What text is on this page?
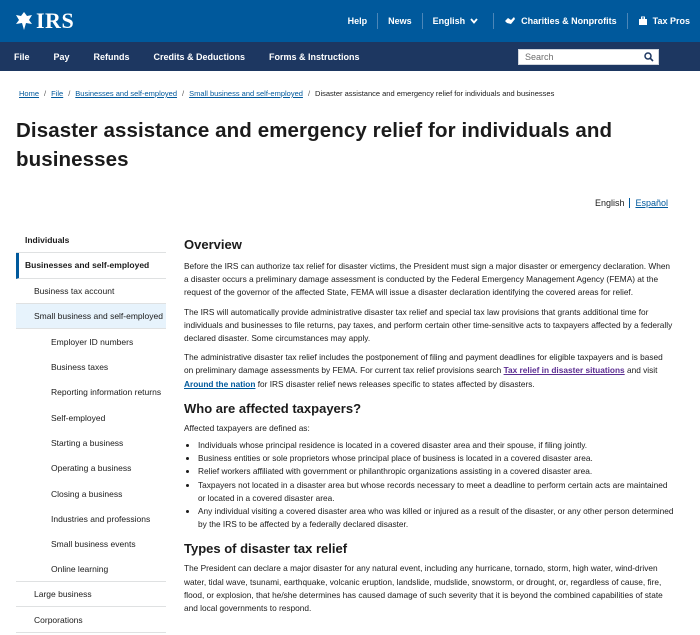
IRS	Help News English	Charities & Nonprofits	Tax Pros
File	Pay	Refunds	Credits & Deductions	Forms & Instructions
Search
Home / File / Businesses and self-employed / Small business and self-employed / Disaster assistance and emergency relief for individuals and businesses
Disaster assistance and emergency relief for individuals and businesses
English	Español
Individuals
Businesses and self-employed
Business tax account
Small business and self-employed
Employer ID numbers
Business taxes
Reporting information returns
Self-employed
Starting a business
Operating a business
Closing a business
Industries and professions
Small business events
Online learning
Large business
Corporations
Overview

Before the IRS can authorize tax relief for disaster victims, the President must sign a major disaster or emergency declaration. When a disaster occurs a preliminary damage assessment is conducted by the Federal Emergency Management Agency (FEMA) at the request of the governor of the affected State, FEMA will issue a disaster declaration identifying the covered areas for relief.

The IRS will automatically provide administrative disaster tax relief and special tax law provisions that grants additional time for individuals and businesses to file returns, pay taxes, and perform certain other time-sensitive acts to taxpayers affected by a federally declared disaster. Some circumstances may apply.

The administrative disaster tax relief includes the postponement of filing and payment deadlines for eligible taxpayers and is based on preliminary damage assessments by FEMA. For current tax relief provisions search Tax relief in disaster situations and visit Around the nation for IRS disaster relief news releases specific to states affected by disasters.

Who are affected taxpayers?

Affected taxpayers are defined as:

• Individuals whose principal residence is located in a covered disaster area and their spouse, if filing jointly.
• Business entities or sole proprietors whose principal place of business is located in a covered disaster area.
• Relief workers affiliated with government or philanthropic organizations assisting in a covered disaster area.
• Taxpayers not located in a disaster area but whose records necessary to meet a deadline to perform certain acts are maintained or located in a covered disaster area.
• Any individual visiting a covered disaster area who was killed or injured as a result of the disaster, or any other person determined by the IRS to be affected by a federally declared disaster.
Types of disaster tax relief

The President can declare a major disaster for any natural event, including any hurricane, tornado, storm, high water, wind-driven water, tidal wave, tsunami, earthquake, volcanic eruption, landslide, mudslide, snowstorm, or drought, or, regardless of cause, fire, flood, or explosion, that he/she determines has caused damage of such severity that it is beyond the combined capabilities of state and local governments to respond.
